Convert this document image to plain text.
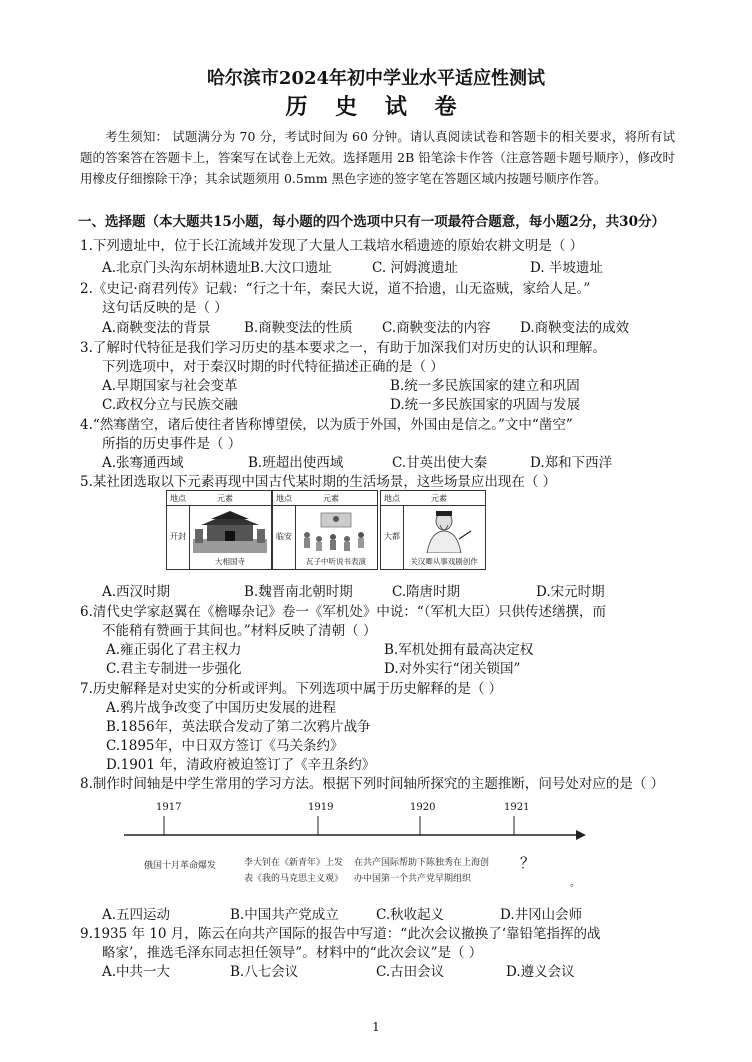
哈尔滨市2024年初中学业水平适应性测试
历 史 试 卷
考生须知： 试题满分为 70 分，考试时间为 60 分钟。请认真阅读试卷和答题卡的相关要求，将所有试题的答案答在答题卡上，答案写在试卷上无效。选择题用 2B 铅笔涂卡作答（注意答题卡题号顺序），修改时用橡皮仔细擦除干净；其余试题须用 0.5mm 黑色字迹的签字笔在答题区域内按题号顺序作答。
一、选择题（本大题共15小题，每小题的四个选项中只有一项最符合题意，每小题2分，共30分）
1.下列遗址中，位于长江流域并发现了大量人工栽培水稻遗迹的原始农耕文明是（ ）
A.北京门头沟东胡林遗址
B.大汶口遗址	C. 河姆渡遗址	D. 半坡遗址
2.《史记·商君列传》记载：“行之十年，秦民大说，道不拾遗，山无盗贼，家给人足。”
这句话反映的是（ ）
A.商鞅变法的背景 B.商鞅变法的性质 C.商鞅变法的内容 D.商鞅变法的成效
3.了解时代特征是我们学习历史的基本要求之一，有助于加深我们对历史的认识和理解。
下列选项中，对于秦汉时期的时代特征描述正确的是（ ）
A.早期国家与社会变革	B.统一多民族国家的建立和巩固
C.政权分立与民族交融	D.统一多民族国家的巩固与发展
4.“然骞凿空，诸后使往者皆称博望侯，以为质于外国，外国由是信之。”文中“凿空”
所指的历史事件是（ ）
A.张骞通西域	B.班超出使西域	C.甘英出使大秦	D.郑和下西洋
5.某社团选取以下元素再现中国古代某时期的生活场景，这些场景应出现在（ ）
地点	元素
开封
大相国寺
地点	元素
临安
瓦子中听说书表演
地点	元素
大都
关汉卿从事戏剧创作
A.西汉时期	B.魏晋南北朝时期	C.隋唐时期	D.宋元时期
6.清代史学家赵翼在《檐曝杂记》卷一《军机处》中说：“（军机大臣）只供传述缮撰，而
不能稍有赞画于其间也。”材料反映了清朝（ ）
A.雍正弱化了君主权力	B.军机处拥有最高决定权
C.君主专制进一步强化	D.对外实行“闭关锁国”
7.历史解释是对史实的分析或评判。下列选项中属于历史解释的是（ ）
A.鸦片战争改变了中国历史发展的进程
B.1856年，英法联合发动了第二次鸦片战争
C.1895年，中日双方签订《马关条约》
D.1901 年，清政府被迫签订了《辛丑条约》
8.制作时间轴是中学生常用的学习方法。根据下列时间轴所探究的主题推断，问号处对应的是（ ）
1917	1919	1920	1921
俄国十月革命爆发	李大钊在《新青年》上发
表《我的马克思主义观》
在共产国际帮助下陈独秀在上海创
办中国第一个共产党早期组织
？
。
A.五四运动	B.中国共产党成立	C.秋收起义	D.井冈山会师
9.1935 年 10 月，陈云在向共产国际的报告中写道：“此次会议撤换了‘靠铅笔指挥的战
略家’，推选毛泽东同志担任领导”。材料中的“此次会议”是（ ）
A.中共一大	B.八七会议	C.古田会议	D.遵义会议
1
